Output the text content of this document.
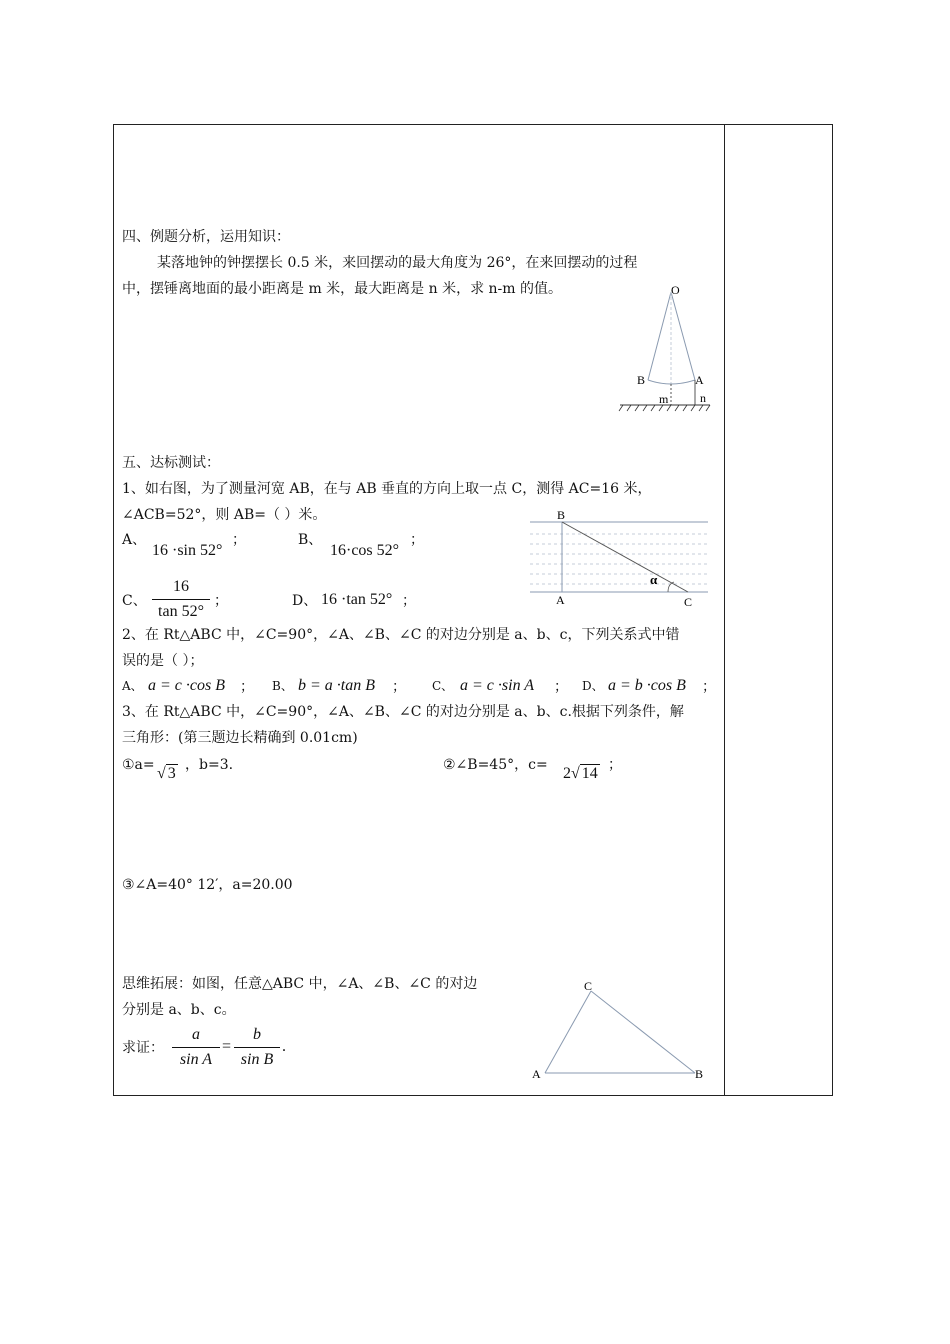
四、例题分析，运用知识：
某落地钟的钟摆摆长 0.5 米，来回摆动的最大角度为 26°，在来回摆动的过程
中，摆锤离地面的最小距离是 m 米，最大距离是 n 米，求 n-m 的值。	O
B	A
m	n
五、达标测试：
1、如右图，为了测量河宽 AB，在与 AB 垂直的方向上取一点 C，测得 AC=16 米，
∠ACB=52°，则 AB=（ ）米。
A、
16 ·sin 52°
；	B、
16·cos 52°
；
C、
16
tan 52°
；	D、 16 ·tan 52° ；
B
A	C
α
2、在 Rt△ABC 中，∠C=90°，∠A、∠B、∠C 的对边分别是 a、b、c，下列关系式中错
误的是（ ）；
A、 a = c ·cos B ； B、 b = a ·tan B ； C、 a = c ·sin A ； D、 a = b ·cos B ；
3、在 Rt△ABC 中，∠C=90°，∠A、∠B、∠C 的对边分别是 a、b、c.根据下列条件，解
三角形：(第三题边长精确到 0.01cm)
①a= √ 3 ，b=3.	②∠B=45°，c= 2√ 14 ；
③∠A=40° 12′，a=20.00
思维拓展：如图，任意△ABC 中，∠A、∠B、∠C 的对边
分别是 a、b、c。
求证：
a
sin A
=
b
sin B
.
C
A	B
